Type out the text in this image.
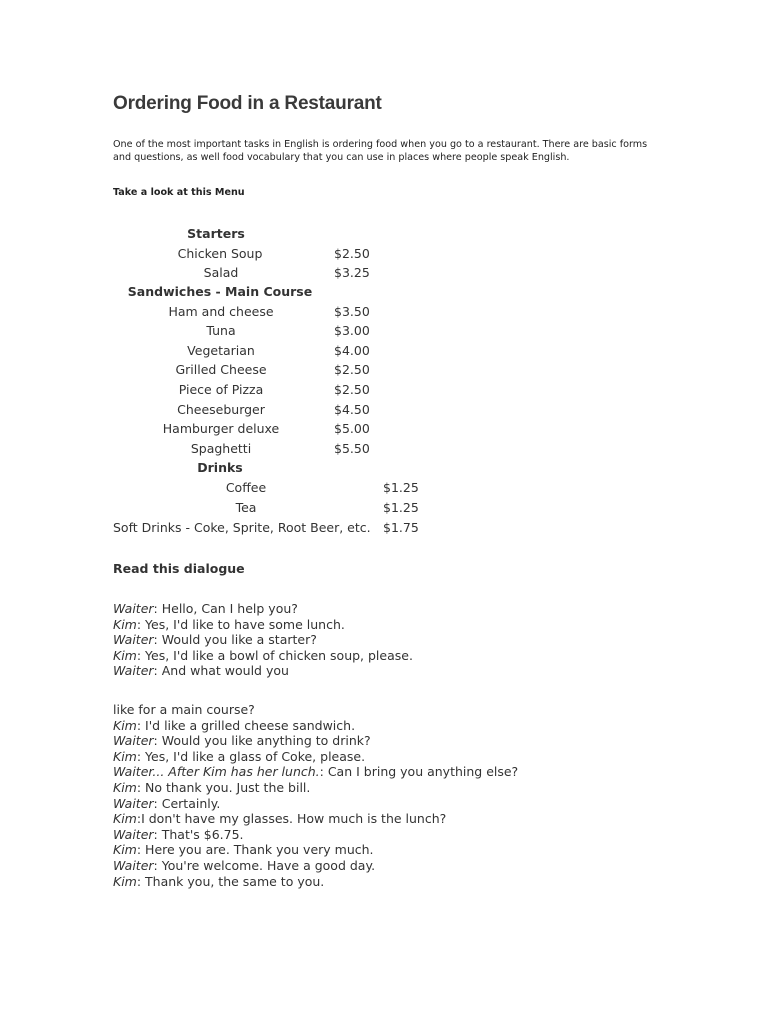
Ordering Food in a Restaurant

One of the most important tasks in English is ordering food when you go to a restaurant. There are basic forms and questions, as well food vocabulary that you can use in places where people speak English.

Take a look at this Menu

Starters
Chicken Soup	$2.50
Salad	$3.25
Sandwiches - Main Course
Ham and cheese	$3.50
Tuna	$3.00
Vegetarian	$4.00
Grilled Cheese	$2.50
Piece of Pizza	$2.50
Cheeseburger	$4.50
Hamburger deluxe	$5.00
Spaghetti	$5.50
Drinks
Coffee	$1.25
Tea	$1.25
Soft Drinks - Coke, Sprite, Root Beer, etc. $1.75

Read this dialogue

Waiter: Hello, Can I help you?
Kim: Yes, I'd like to have some lunch.
Waiter: Would you like a starter?
Kim: Yes, I'd like a bowl of chicken soup, please.
Waiter: And what would you
like for a main course?
Kim: I'd like a grilled cheese sandwich.
Waiter: Would you like anything to drink?
Kim: Yes, I'd like a glass of Coke, please.
Waiter... After Kim has her lunch.: Can I bring you anything else?
Kim: No thank you. Just the bill.
Waiter: Certainly.
Kim:I don't have my glasses. How much is the lunch?
Waiter: That's $6.75.
Kim: Here you are. Thank you very much.
Waiter: You're welcome. Have a good day.
Kim: Thank you, the same to you.
